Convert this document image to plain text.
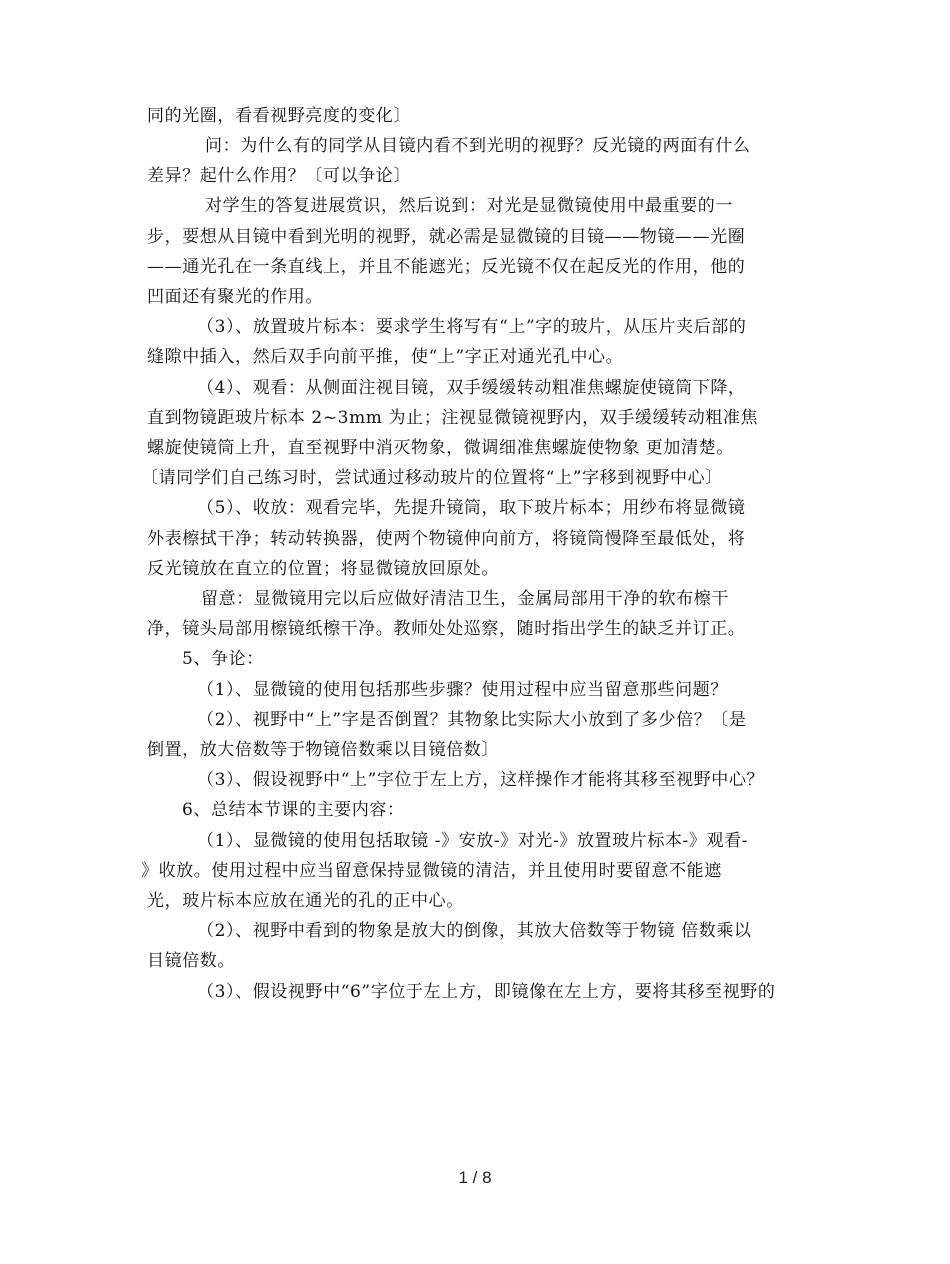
同的光圈，看看视野亮度的变化〕
问：为什么有的同学从目镜内看不到光明的视野？反光镜的两面有什么
差异？起什么作用？〔可以争论〕
对学生的答复进展赏识，然后说到：对光是显微镜使用中最重要的一
步，要想从目镜中看到光明的视野，就必需是显微镜的目镜——物镜——光圈
——通光孔在一条直线上，并且不能遮光；反光镜不仅在起反光的作用，他的
凹面还有聚光的作用。
（3）、放置玻片标本：要求学生将写有“上”字的玻片，从压片夹后部的
缝隙中插入，然后双手向前平推，使“上”字正对通光孔中心。
（4）、观看：从侧面注视目镜，双手缓缓转动粗准焦螺旋使镜筒下降，
直到物镜距玻片标本 2~3mm 为止；注视显微镜视野内，双手缓缓转动粗准焦
螺旋使镜筒上升，直至视野中消灭物象，微调细准焦螺旋使物象 更加清楚。
〔请同学们自己练习时，尝试通过移动玻片的位置将“上”字移到视野中心〕
（5）、收放：观看完毕，先提升镜筒，取下玻片标本；用纱布将显微镜
外表檫拭干净；转动转换器，使两个物镜伸向前方，将镜筒慢降至最低处，将
反光镜放在直立的位置；将显微镜放回原处。
留意：显微镜用完以后应做好清洁卫生，金属局部用干净的软布檫干
净，镜头局部用檫镜纸檫干净。教师处处巡察，随时指出学生的缺乏并订正。
5、争论：
（1）、显微镜的使用包括那些步骤？使用过程中应当留意那些问题？
（2）、视野中“上”字是否倒置？其物象比实际大小放到了多少倍？〔是
倒置，放大倍数等于物镜倍数乘以目镜倍数〕
（3）、假设视野中“上”字位于左上方，这样操作才能将其移至视野中心？
6、总结本节课的主要内容：
（1）、显微镜的使用包括取镜 -》安放-》对光-》放置玻片标本-》观看-
》收放。使用过程中应当留意保持显微镜的清洁，并且使用时要留意不能遮
光，玻片标本应放在通光的孔的正中心。
（2）、视野中看到的物象是放大的倒像，其放大倍数等于物镜 倍数乘以
目镜倍数。
（3）、假设视野中“6”字位于左上方，即镜像在左上方，要将其移至视野的
1 / 8
